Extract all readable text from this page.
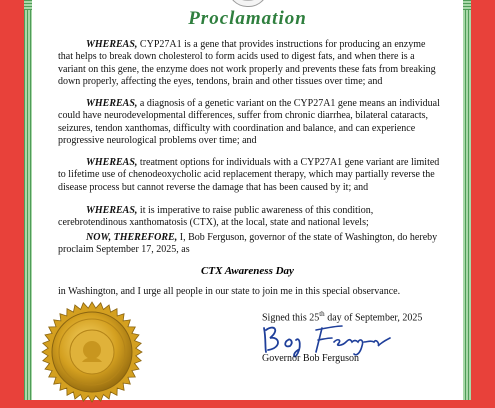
Proclamation
WHEREAS, CYP27A1 is a gene that provides instructions for producing an enzyme that helps to break down cholesterol to form acids used to digest fats, and when there is a variant on this gene, the enzyme does not work properly and prevents these fats from breaking down properly, affecting the eyes, tendons, brain and other tissues over time; and
WHEREAS, a diagnosis of a genetic variant on the CYP27A1 gene means an individual could have neurodevelopmental differences, suffer from chronic diarrhea, bilateral cataracts, seizures, tendon xanthomas, difficulty with coordination and balance, and can experience progressive neurological problems over time; and
WHEREAS, treatment options for individuals with a CYP27A1 gene variant are limited to lifetime use of chenodeoxycholic acid replacement therapy, which may partially reverse the disease process but cannot reverse the damage that has been caused by it; and
WHEREAS, it is imperative to raise public awareness of this condition, cerebrotendinous xanthomatosis (CTX), at the local, state and national levels;
NOW, THEREFORE, I, Bob Ferguson, governor of the state of Washington, do hereby proclaim September 17, 2025, as
CTX Awareness Day
in Washington, and I urge all people in our state to join me in this special observance.
Signed this 25th day of September, 2025
Governor Bob Ferguson
